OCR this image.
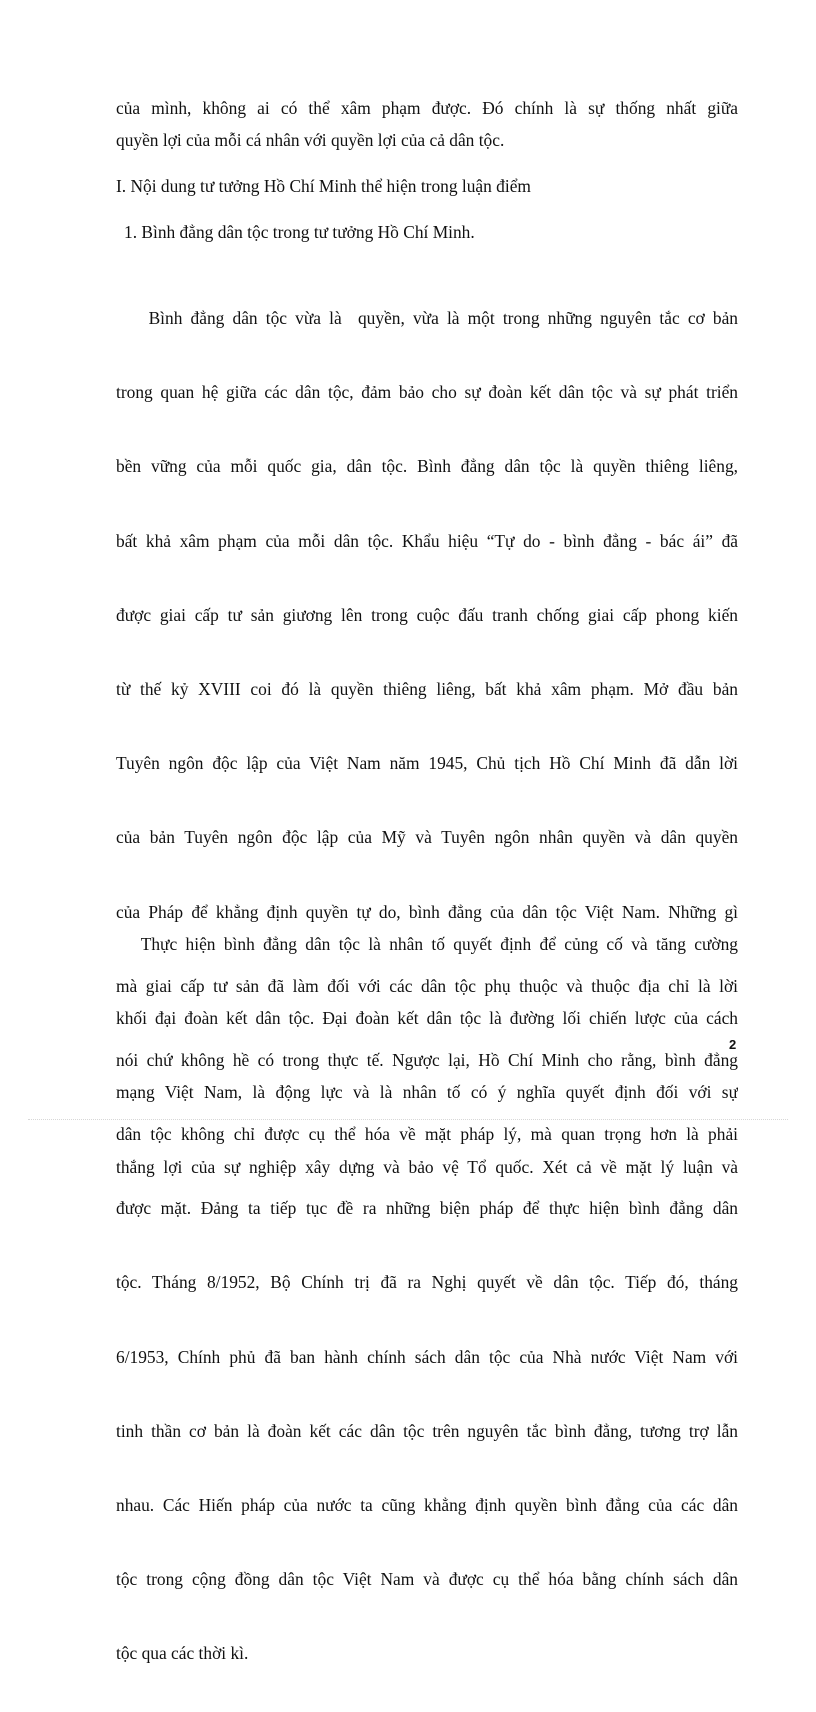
của mình, không ai có thể xâm phạm được. Đó chính là sự thống nhất giữa
quyền lợi của mỗi cá nhân với quyền lợi của cả dân tộc.

I. Nội dung tư tưởng Hồ Chí Minh thể hiện trong luận điểm

1. Bình đẳng dân tộc trong tư tưởng Hồ Chí Minh.

Bình đẳng dân tộc vừa là  quyền, vừa là một trong những nguyên tắc cơ bản

trong quan hệ giữa các dân tộc, đảm bảo cho sự đoàn kết dân tộc và sự phát triển

bền vững của mỗi quốc gia, dân tộc. Bình đẳng dân tộc là quyền thiêng liêng,

bất khả xâm phạm của mỗi dân tộc. Khẩu hiệu “Tự do - bình đẳng - bác ái” đã

được giai cấp tư sản giương lên trong cuộc đấu tranh chống giai cấp phong kiến

từ thế kỷ XVIII coi đó là quyền thiêng liêng, bất khả xâm phạm. Mở đầu bản

Tuyên ngôn độc lập của Việt Nam năm 1945, Chủ tịch Hồ Chí Minh đã dẫn lời

của bản Tuyên ngôn độc lập của Mỹ và Tuyên ngôn nhân quyền và dân quyền

của Pháp để khẳng định quyền tự do, bình đẳng của dân tộc Việt Nam. Những gì

mà giai cấp tư sản đã làm đối với các dân tộc phụ thuộc và thuộc địa chỉ là lời

nói chứ không hề có trong thực tế. Ngược lại, Hồ Chí Minh cho rằng, bình đẳng

dân tộc không chỉ được cụ thể hóa về mặt pháp lý, mà quan trọng hơn là phải

được mặt. Đảng ta tiếp tục đề ra những biện pháp để thực hiện bình đẳng dân

tộc. Tháng 8/1952, Bộ Chính trị đã ra Nghị quyết về dân tộc. Tiếp đó, tháng

6/1953, Chính phủ đã ban hành chính sách dân tộc của Nhà nước Việt Nam với

tinh thần cơ bản là đoàn kết các dân tộc trên nguyên tắc bình đẳng, tương trợ lẫn

nhau. Các Hiến pháp của nước ta cũng khẳng định quyền bình đẳng của các dân

tộc trong cộng đồng dân tộc Việt Nam và được cụ thể hóa bằng chính sách dân

tộc qua các thời kì.

Thực hiện bình đẳng dân tộc là nhân tố quyết định để củng cố và tăng cường

khối đại đoàn kết dân tộc. Đại đoàn kết dân tộc là đường lối chiến lược của cách

mạng Việt Nam, là động lực và là nhân tố có ý nghĩa quyết định đối với sự

thắng lợi của sự nghiệp xây dựng và bảo vệ Tổ quốc. Xét cả về mặt lý luận và

2
